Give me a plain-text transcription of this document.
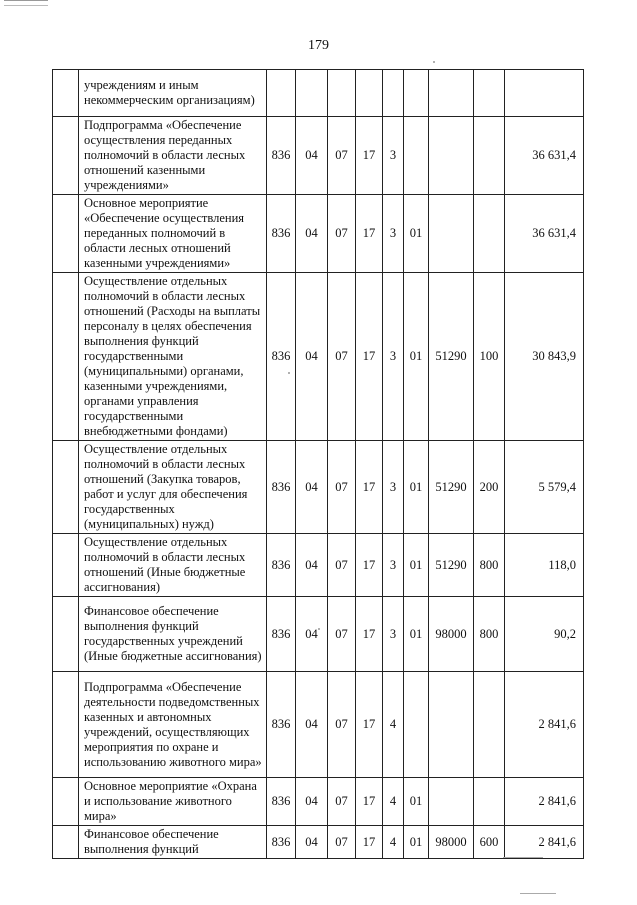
179
	учреждениям и иным некоммерческим организациям)									
	Подпрограмма «Обеспечение осуществления переданных полномочий в области лесных отношений казенными учреждениями»	836	04	07	17	3				36 631,4
	Основное мероприятие «Обеспечение осуществления переданных полномочий в области лесных отношений казенными учреждениями»	836	04	07	17	3	01			36 631,4
	Осуществление отдельных полномочий в области лесных отношений (Расходы на выплаты персоналу в целях обеспечения выполнения функций государственными (муниципальными) органами, казенными учреждениями, органами управления государственными внебюджетными фондами)	836	04	07	17	3	01	51290	100	30 843,9
	Осуществление отдельных полномочий в области лесных отношений (Закупка товаров, работ и услуг для обеспечения государственных (муниципальных) нужд)	836	04	07	17	3	01	51290	200	5 579,4
	Осуществление отдельных полномочий в области лесных отношений (Иные бюджетные ассигнования)	836	04	07	17	3	01	51290	800	118,0
	Финансовое обеспечение выполнения функций государственных учреждений (Иные бюджетные ассигнования)	836	04	07	17	3	01	98000	800	90,2
	Подпрограмма «Обеспечение деятельности подведомственных казенных и автономных учреждений, осуществляющих мероприятия по охране и использованию животного мира»	836	04	07	17	4				2 841,6
	Основное мероприятие «Охрана и использование животного мира»	836	04	07	17	4	01			2 841,6
	Финансовое обеспечение выполнения функций	836	04	07	17	4	01	98000	600	2 841,6
